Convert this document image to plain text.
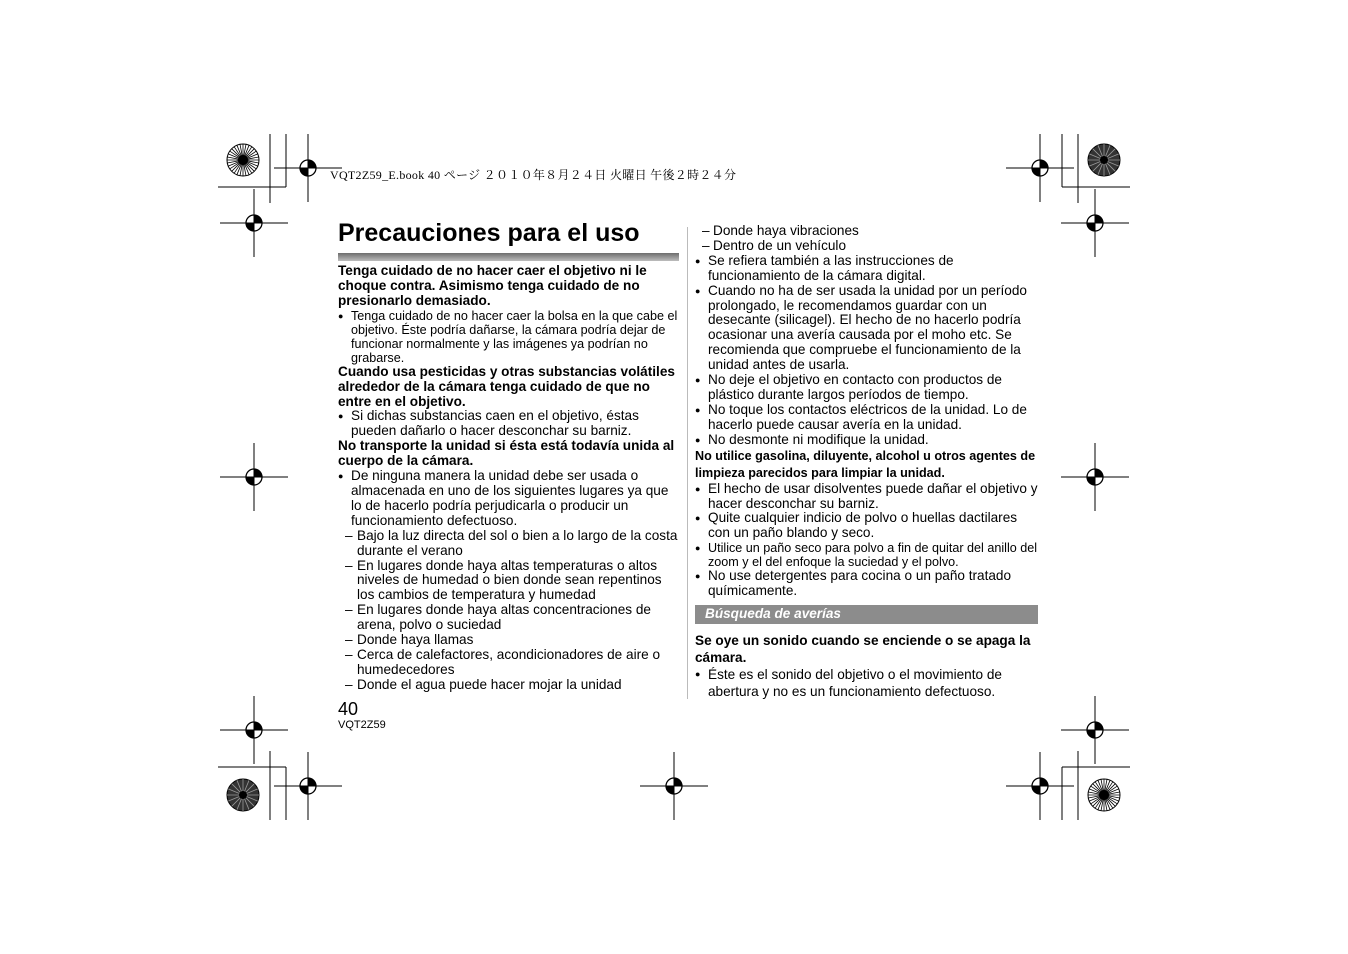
VQT2Z59_E.book 40 ページ ２０１０年８月２４日 火曜日 午後２時２４分
Precauciones para el uso

Tenga cuidado de no hacer caer el objetivo ni le choque contra. Asimismo tenga cuidado de no presionarlo demasiado.

● Tenga cuidado de no hacer caer la bolsa en la que cabe el objetivo. Éste podría dañarse, la cámara podría dejar de funcionar normalmente y las imágenes ya podrían no grabarse.

Cuando usa pesticidas y otras substancias volátiles alrededor de la cámara tenga cuidado de que no entre en el objetivo.

● Si dichas substancias caen en el objetivo, éstas pueden dañarlo o hacer desconchar su barniz.

No transporte la unidad si ésta está todavía unida al cuerpo de la cámara.

● De ninguna manera la unidad debe ser usada o almacenada en uno de los siguientes lugares ya que lo de hacerlo podría perjudicarla o producir un funcionamiento defectuoso.

– Bajo la luz directa del sol o bien a lo largo de la costa durante el verano

– En lugares donde haya altas temperaturas o altos niveles de humedad o bien donde sean repentinos los cambios de temperatura y humedad

– En lugares donde haya altas concentraciones de arena, polvo o suciedad

– Donde haya llamas

– Cerca de calefactores, acondicionadores de aire o humedecedores

– Donde el agua puede hacer mojar la unidad

– Donde haya vibraciones

– Dentro de un vehículo

● Se refiera también a las instrucciones de funcionamiento de la cámara digital.

● Cuando no ha de ser usada la unidad por un período prolongado, le recomendamos guardar con un desecante (silicagel). El hecho de no hacerlo podría ocasionar una avería causada por el moho etc. Se recomienda que compruebe el funcionamiento de la unidad antes de usarla.

● No deje el objetivo en contacto con productos de plástico durante largos períodos de tiempo.

● No toque los contactos eléctricos de la unidad. Lo de hacerlo puede causar avería en la unidad.

● No desmonte ni modifique la unidad.

No utilice gasolina, diluyente, alcohol u otros agentes de limpieza parecidos para limpiar la unidad.

● El hecho de usar disolventes puede dañar el objetivo y hacer desconchar su barniz.

● Quite cualquier indicio de polvo o huellas dactilares con un paño blando y seco.

● Utilice un paño seco para polvo a fin de quitar del anillo del zoom y el del enfoque la suciedad y el polvo.

● No use detergentes para cocina o un paño tratado químicamente.

Búsqueda de averías

Se oye un sonido cuando se enciende o se apaga la cámara.

● Éste es el sonido del objetivo o el movimiento de abertura y no es un funcionamiento defectuoso.

40
VQT2Z59
